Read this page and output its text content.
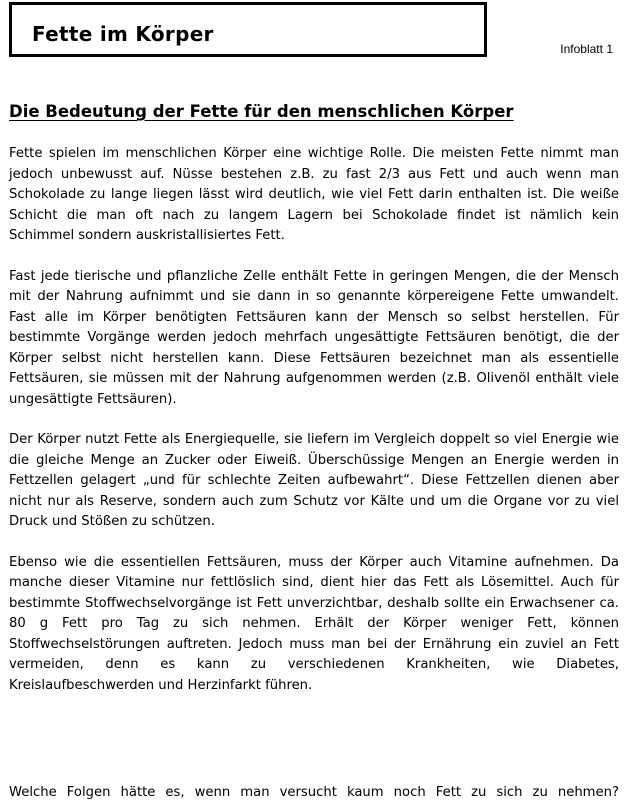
Fette im Körper
Infoblatt 1
Die Bedeutung der Fette für den menschlichen Körper

Fette spielen im menschlichen Körper eine wichtige Rolle. Die meisten Fette nimmt man jedoch unbewusst auf. Nüsse bestehen z.B. zu fast 2/3 aus Fett und auch wenn man Schokolade zu lange liegen lässt wird deutlich, wie viel Fett darin enthalten ist. Die weiße Schicht die man oft nach zu langem Lagern bei Schokolade findet ist nämlich kein Schimmel sondern auskristallisiertes Fett.

Fast jede tierische und pflanzliche Zelle enthält Fette in geringen Mengen, die der Mensch mit der Nahrung aufnimmt und sie dann in so genannte körpereigene Fette umwandelt. Fast alle im Körper benötigten Fettsäuren kann der Mensch so selbst herstellen. Für bestimmte Vorgänge werden jedoch mehrfach ungesättigte Fettsäuren benötigt, die der Körper selbst nicht herstellen kann. Diese Fettsäuren bezeichnet man als essentielle Fettsäuren, sie müssen mit der Nahrung aufgenommen werden (z.B. Olivenöl enthält viele ungesättigte Fettsäuren).

Der Körper nutzt Fette als Energiequelle, sie liefern im Vergleich doppelt so viel Energie wie die gleiche Menge an Zucker oder Eiweiß. Überschüssige Mengen an Energie werden in Fettzellen gelagert „und für schlechte Zeiten aufbewahrt“. Diese Fettzellen dienen aber nicht nur als Reserve, sondern auch zum Schutz vor Kälte und um die Organe vor zu viel Druck und Stößen zu schützen.

Ebenso wie die essentiellen Fettsäuren, muss der Körper auch Vitamine aufnehmen. Da manche dieser Vitamine nur fettlöslich sind, dient hier das Fett als Lösemittel. Auch für bestimmte Stoffwechselvorgänge ist Fett unverzichtbar, deshalb sollte ein Erwachsener ca. 80 g Fett pro Tag zu sich nehmen. Erhält der Körper weniger Fett, können Stoffwechselstörungen auftreten. Jedoch muss man bei der Ernährung ein zuviel an Fett vermeiden, denn es kann zu verschiedenen Krankheiten, wie Diabetes, Kreislaufbeschwerden und Herzinfarkt führen.

Welche Folgen hätte es, wenn man versucht kaum noch Fett zu sich zu nehmen?
